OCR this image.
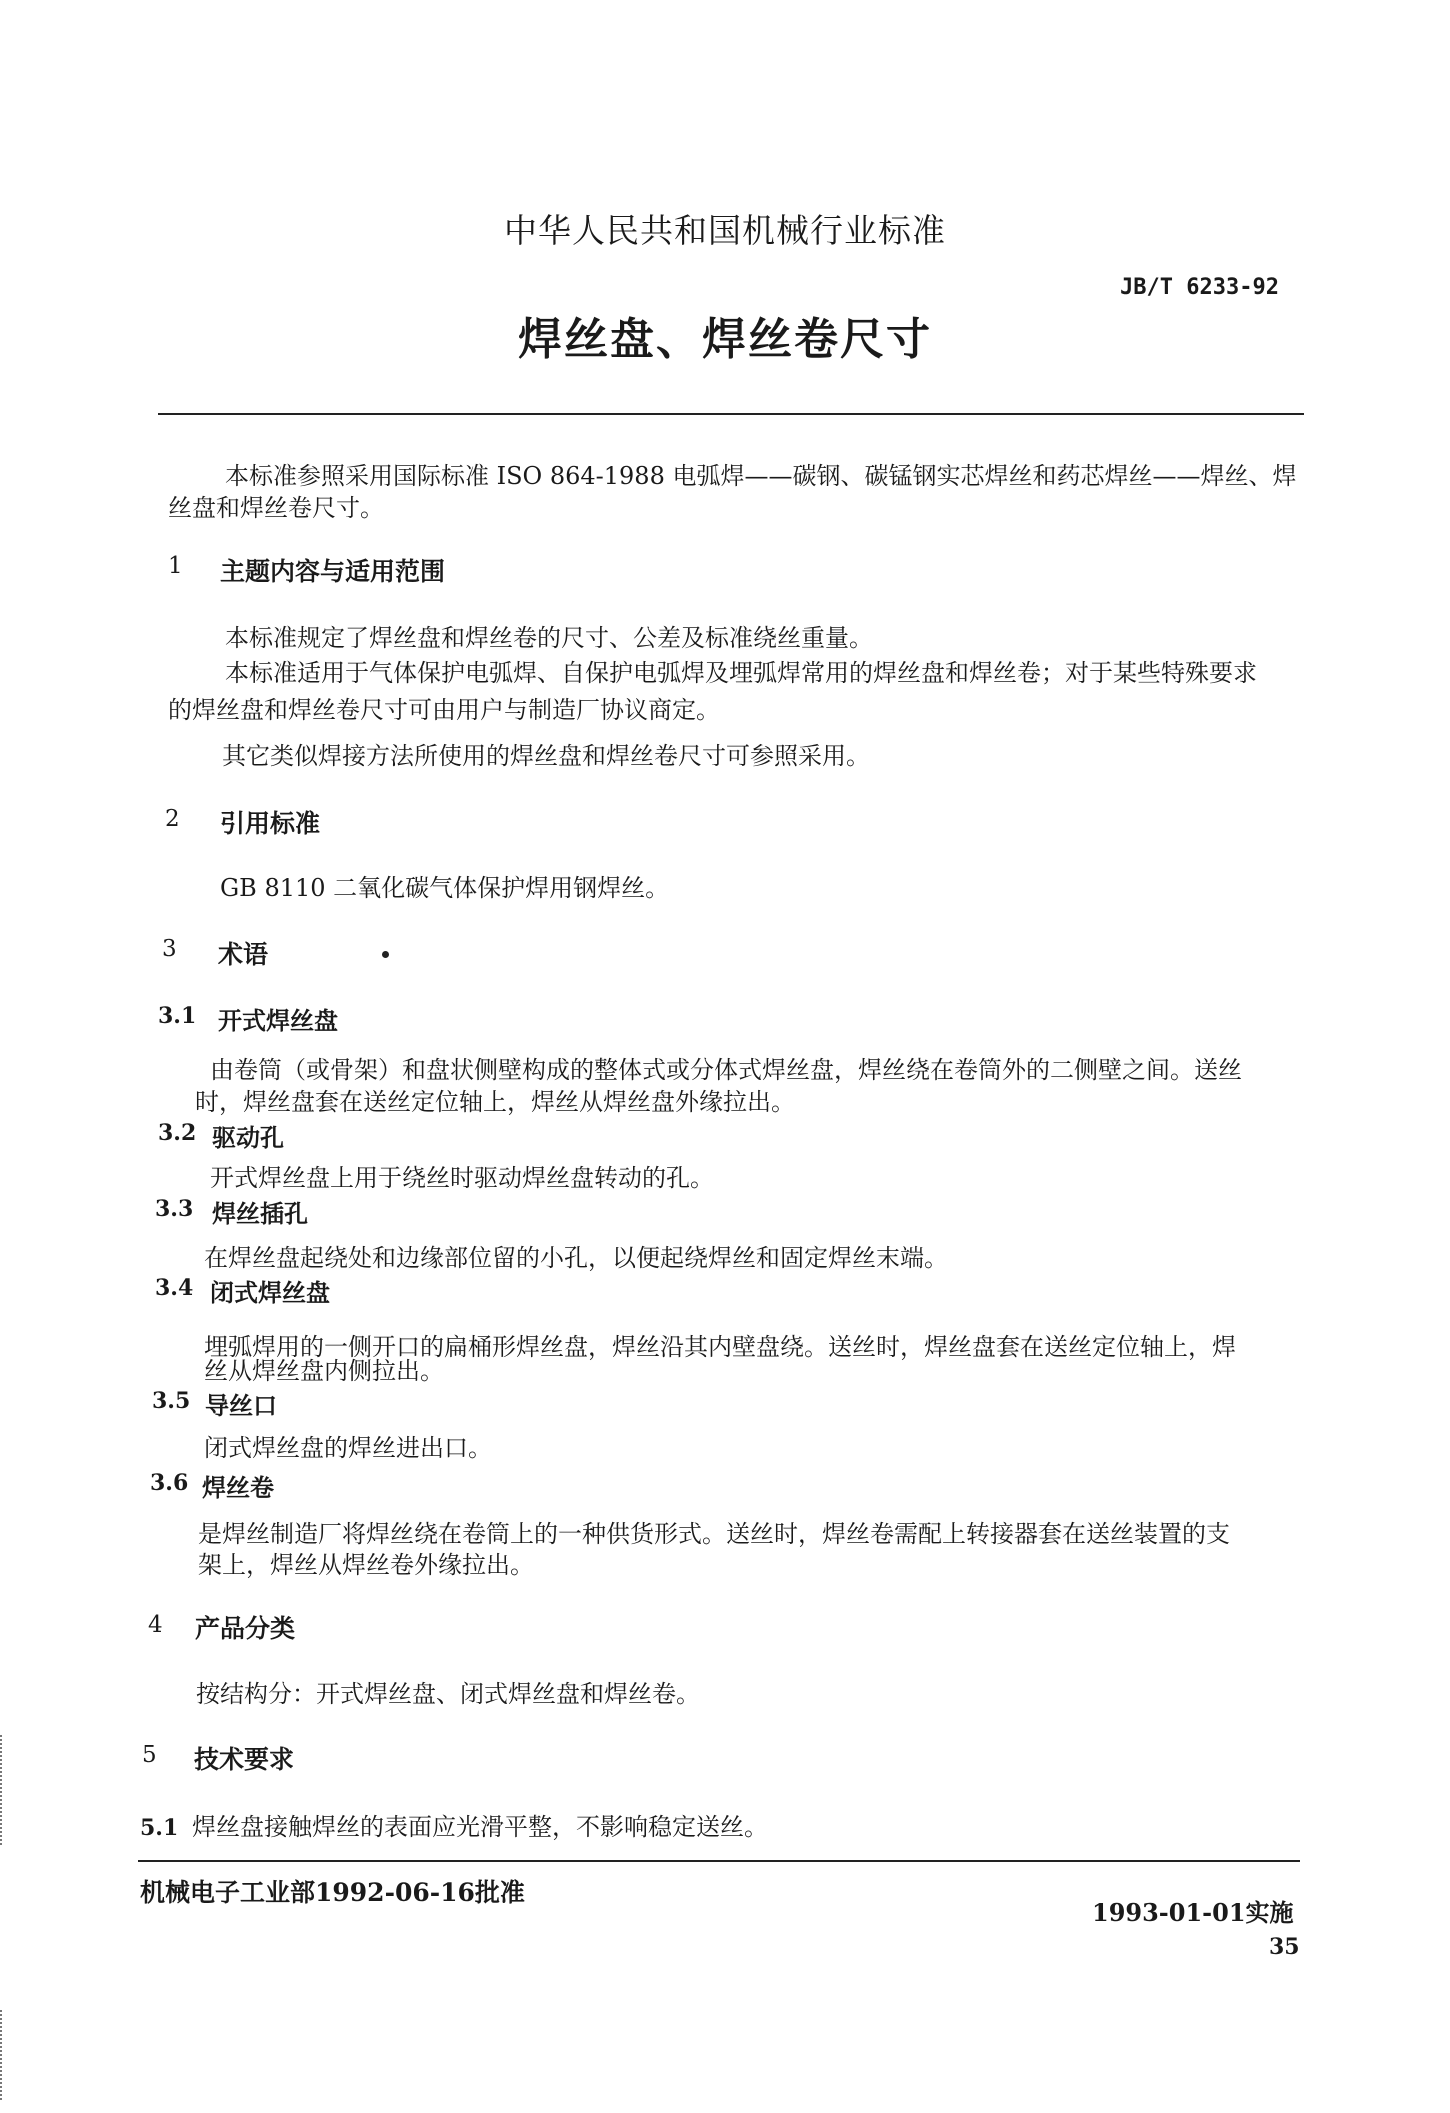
中华人民共和国机械行业标准
JB/T 6233-92
焊丝盘、焊丝卷尺寸
本标准参照采用国际标准 ISO 864-1988 电弧焊——碳钢、碳锰钢实芯焊丝和药芯焊丝——焊丝、焊
丝盘和焊丝卷尺寸。
1 主题内容与适用范围
本标准规定了焊丝盘和焊丝卷的尺寸、公差及标准绕丝重量。
本标准适用于气体保护电弧焊、自保护电弧焊及埋弧焊常用的焊丝盘和焊丝卷；对于某些特殊要求
的焊丝盘和焊丝卷尺寸可由用户与制造厂协议商定。
其它类似焊接方法所使用的焊丝盘和焊丝卷尺寸可参照采用。
2 引用标准
GB 8110 二氧化碳气体保护焊用钢焊丝。
3 术语
3.1 开式焊丝盘
由卷筒（或骨架）和盘状侧壁构成的整体式或分体式焊丝盘，焊丝绕在卷筒外的二侧壁之间。送丝
时，焊丝盘套在送丝定位轴上，焊丝从焊丝盘外缘拉出。
3.2 驱动孔
开式焊丝盘上用于绕丝时驱动焊丝盘转动的孔。
3.3 焊丝插孔
在焊丝盘起绕处和边缘部位留的小孔，以便起绕焊丝和固定焊丝末端。
3.4 闭式焊丝盘
埋弧焊用的一侧开口的扁桶形焊丝盘，焊丝沿其内壁盘绕。送丝时，焊丝盘套在送丝定位轴上，焊
丝从焊丝盘内侧拉出。
3.5 导丝口
闭式焊丝盘的焊丝进出口。
3.6 焊丝卷
是焊丝制造厂将焊丝绕在卷筒上的一种供货形式。送丝时，焊丝卷需配上转接器套在送丝装置的支
架上，焊丝从焊丝卷外缘拉出。
4 产品分类
按结构分：开式焊丝盘、闭式焊丝盘和焊丝卷。
5 技术要求
5.1 焊丝盘接触焊丝的表面应光滑平整，不影响稳定送丝。
机械电子工业部1992-06-16批准
1993-01-01实施
35
